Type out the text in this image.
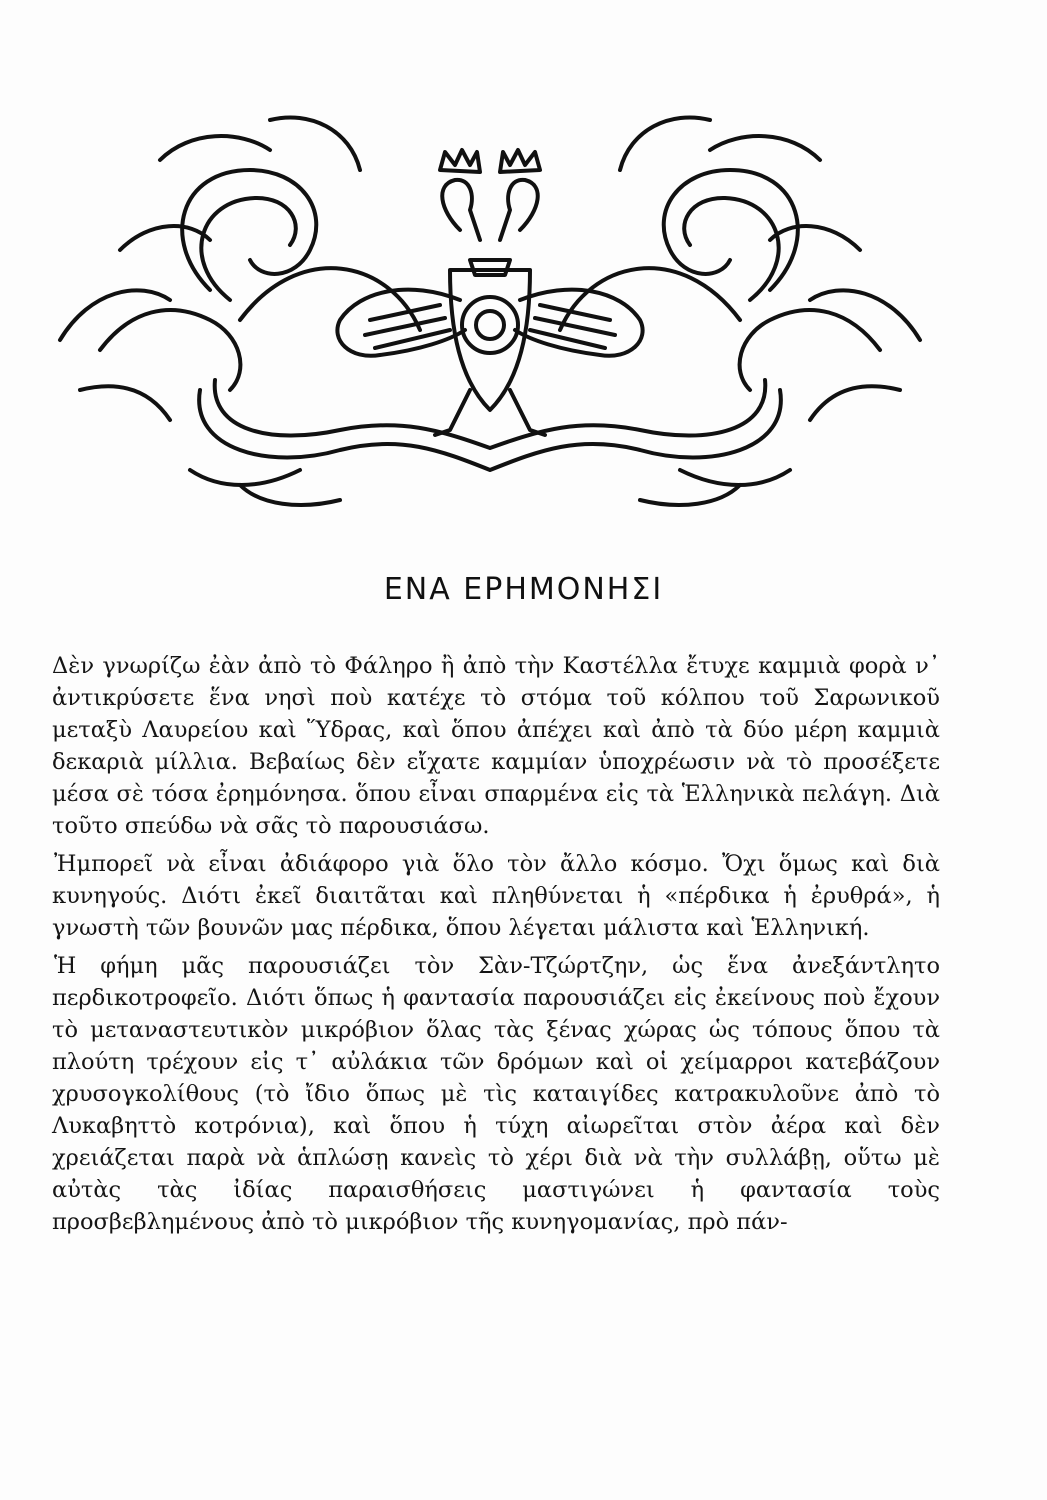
ΕΝΑ ΕΡΗΜΟΝΗΣΙ

Δὲν γνωρίζω ἐὰν ἀπὸ τὸ Φάληρο ἢ ἀπὸ τὴν Καστέλλα ἔτυχε καμμιὰ φορὰ ν᾽ ἀντικρύσετε ἕνα νησὶ ποὺ κατέχε τὸ στόμα τοῦ κόλπου τοῦ Σαρωνικοῦ μεταξὺ Λαυρείου καὶ Ὕδρας, καὶ ὅπου ἀπέχει καὶ ἀπὸ τὰ δύο μέρη καμμιὰ δεκαριὰ μίλλια. Βεβαίως δὲν εἴχατε καμμίαν ὑποχρέωσιν νὰ τὸ προσέξετε μέσα σὲ τόσα ἐρημόνησα. ὅπου εἶναι σπαρμένα εἰς τὰ Ἑλληνικὰ πελάγη. Διὰ τοῦτο σπεύδω νὰ σᾶς τὸ παρουσιάσω.

Ἠμπορεῖ νὰ εἶναι ἀδιάφορο γιὰ ὅλο τὸν ἄλλο κόσμο. Ὄχι ὅμως καὶ διὰ κυνηγούς. Διότι ἐκεῖ διαιτᾶται καὶ πληθύνεται ἡ «πέρδικα ἡ ἐρυθρά», ἡ γνωστὴ τῶν βουνῶν μας πέρδικα, ὅπου λέγεται μάλιστα καὶ Ἑλληνική.

Ἡ φήμη μᾶς παρουσιάζει τὸν Σὰν-Τζώρτζην, ὡς ἕνα ἀνεξάντλητο περδικοτροφεῖο. Διότι ὅπως ἡ φαντασία παρουσιάζει εἰς ἐκείνους ποὺ ἔχουν τὸ μεταναστευτικὸν μικρόβιον ὅλας τὰς ξένας χώρας ὡς τόπους ὅπου τὰ πλούτη τρέχουν εἰς τ᾽ αὐλάκια τῶν δρόμων καὶ οἱ χείμαρροι κατεβάζουν χρυσογκολίθους (τὸ ἴδιο ὅπως μὲ τὶς καταιγίδες κατρακυλοῦνε ἀπὸ τὸ Λυκαβηττὸ κοτρόνια), καὶ ὅπου ἡ τύχη αἰωρεῖται στὸν ἀέρα καὶ δὲν χρειάζεται παρὰ νὰ ἁπλώσῃ κανεὶς τὸ χέρι διὰ νὰ τὴν συλλάβῃ, οὕτω μὲ αὐτὰς τὰς ἰδίας παραισθήσεις μαστιγώνει ἡ φαντασία τοὺς προσβεβλημένους ἀπὸ τὸ μικρόβιον τῆς κυνηγομανίας, πρὸ πάν-
